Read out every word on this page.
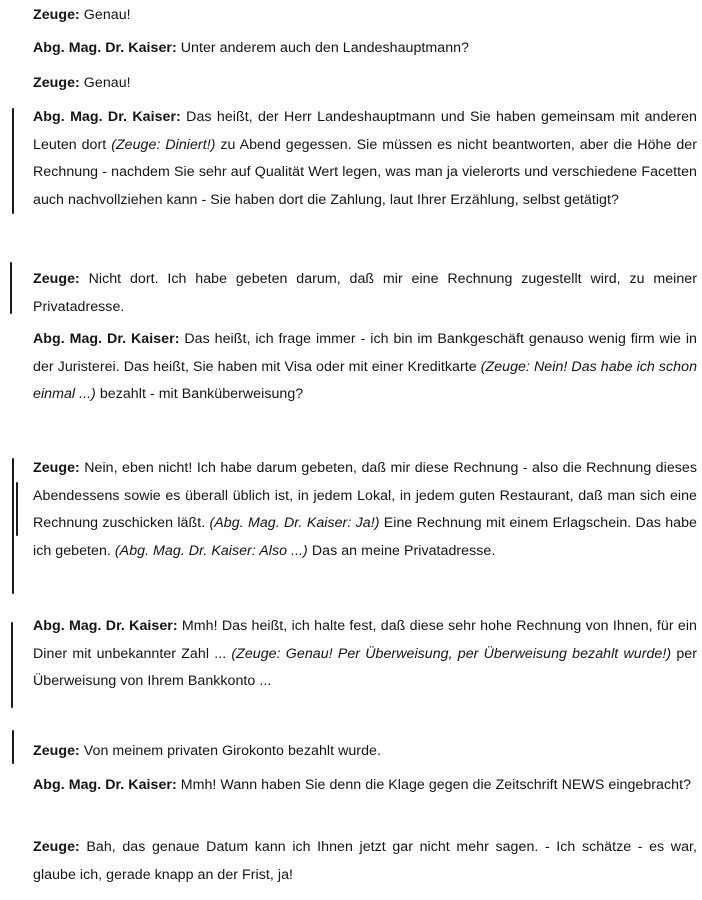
Zeuge: Genau!
Abg. Mag. Dr. Kaiser: Unter anderem auch den Landeshauptmann?
Zeuge: Genau!
Abg. Mag. Dr. Kaiser: Das heißt, der Herr Landeshauptmann und Sie haben gemeinsam mit anderen Leuten dort (Zeuge: Diniert!) zu Abend gegessen. Sie müssen es nicht beantworten, aber die Höhe der Rechnung - nachdem Sie sehr auf Qualität Wert legen, was man ja vielerorts und verschiedene Facetten auch nachvollziehen kann - Sie haben dort die Zahlung, laut Ihrer Erzählung, selbst getätigt?
Zeuge: Nicht dort. Ich habe gebeten darum, daß mir eine Rechnung zugestellt wird, zu meiner Privatadresse.
Abg. Mag. Dr. Kaiser: Das heißt, ich frage immer - ich bin im Bankgeschäft genauso wenig firm wie in der Juristerei. Das heißt, Sie haben mit Visa oder mit einer Kreditkarte (Zeuge: Nein! Das habe ich schon einmal ...) bezahlt - mit Banküberweisung?
Zeuge: Nein, eben nicht! Ich habe darum gebeten, daß mir diese Rechnung - also die Rechnung dieses Abendessens sowie es überall üblich ist, in jedem Lokal, in jedem guten Restaurant, daß man sich eine Rechnung zuschicken läßt. (Abg. Mag. Dr. Kaiser: Ja!) Eine Rechnung mit einem Erlagschein. Das habe ich gebeten. (Abg. Mag. Dr. Kaiser: Also ...) Das an meine Privatadresse.
Abg. Mag. Dr. Kaiser: Mmh! Das heißt, ich halte fest, daß diese sehr hohe Rechnung von Ihnen, für ein Diner mit unbekannter Zahl ... (Zeuge: Genau! Per Überweisung, per Überweisung bezahlt wurde!) per Überweisung von Ihrem Bankkonto ...
Zeuge: Von meinem privaten Girokonto bezahlt wurde.
Abg. Mag. Dr. Kaiser: Mmh! Wann haben Sie denn die Klage gegen die Zeitschrift NEWS eingebracht?
Zeuge: Bah, das genaue Datum kann ich Ihnen jetzt gar nicht mehr sagen. - Ich schätze - es war, glaube ich, gerade knapp an der Frist, ja!
